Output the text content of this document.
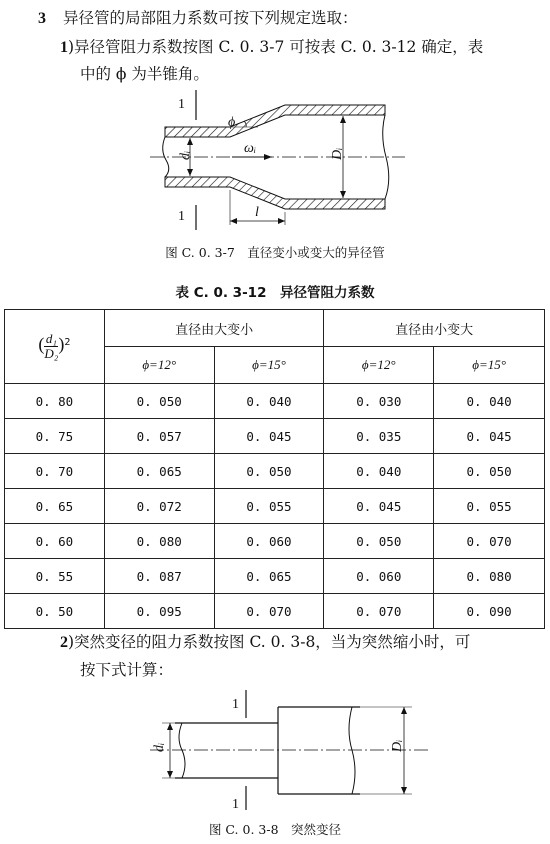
3 异径管的局部阻力系数可按下列规定选取：
1)异径管阻力系数按图 C. 0. 3-7 可按表 C. 0. 3-12 确定，表
中的 ϕ 为半锥角。
1
1
ϕ
dᵢ	ωᵢ	Dᵢ
l
图 C. 0. 3-7　直径变小或变大的异径管
表 C. 0. 3-12　异径管阻力系数
( $\frac{\text{d₁}}{\text{D₂}} )^2$	直径由大变小		直径由小变大	
	ϕ=12°	ϕ=15°	ϕ=12°	ϕ=15°
0. 80	0. 050	0. 040	0. 030	0. 040
0. 75	0. 057	0. 045	0. 035	0. 045
0. 70	0. 065	0. 050	0. 040	0. 050
0. 65	0. 072	0. 055	0. 045	0. 055
0. 60	0. 080	0. 060	0. 050	0. 070
0. 55	0. 087	0. 065	0. 060	0. 080
0. 50	0. 095	0. 070	0. 070	0. 090
2)突然变径的阻力系数按图 C. 0. 3-8，当为突然缩小时，可
按下式计算：
1
1
dᵢ	Dᵢ
图 C. 0. 3-8　突然变径
